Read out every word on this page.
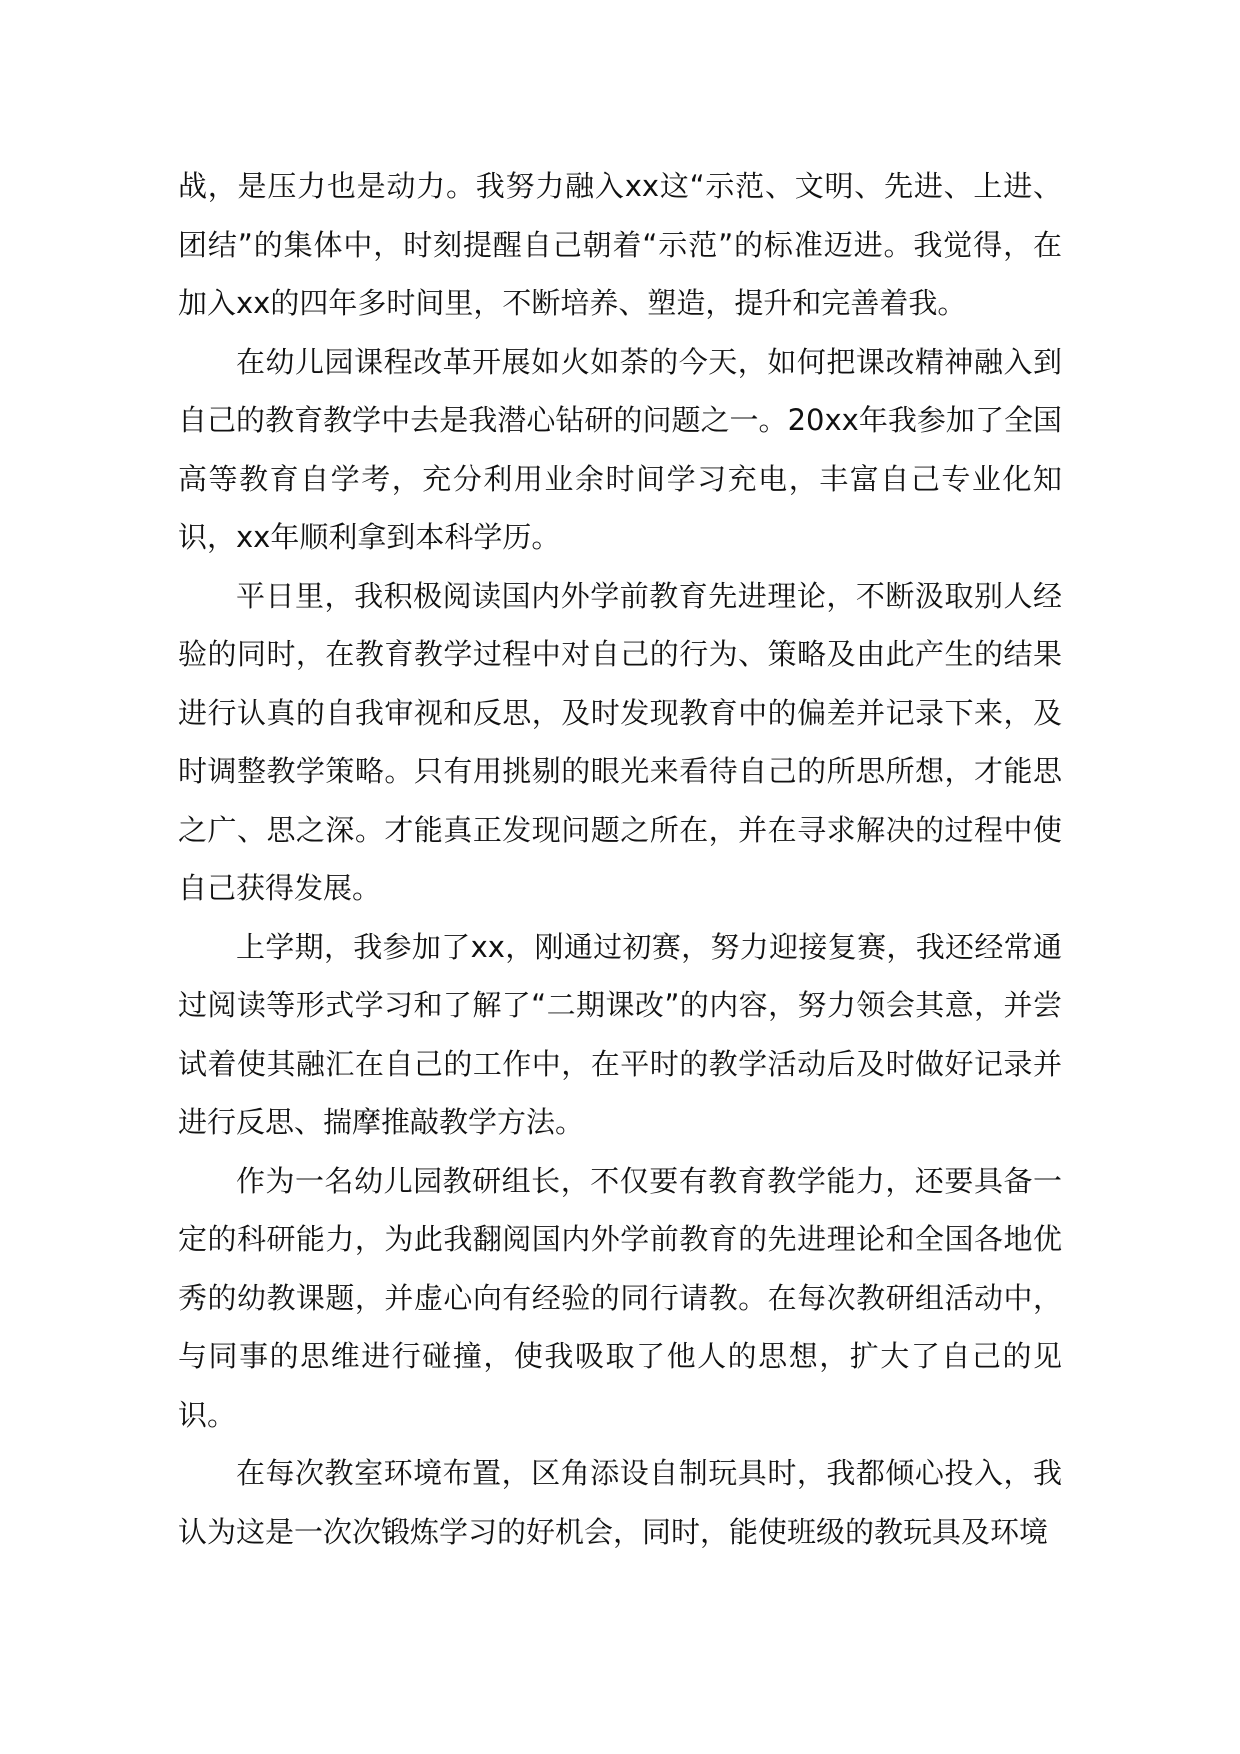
战，是压力也是动力。我努力融入xx这“示范、文明、先进、上进、团结”的集体中，时刻提醒自己朝着“示范”的标准迈进。我觉得，在加入xx的四年多时间里，不断培养、塑造，提升和完善着我。

在幼儿园课程改革开展如火如荼的今天，如何把课改精神融入到自己的教育教学中去是我潜心钻研的问题之一。20xx年我参加了全国高等教育自学考，充分利用业余时间学习充电，丰富自己专业化知识，xx年顺利拿到本科学历。

平日里，我积极阅读国内外学前教育先进理论，不断汲取别人经验的同时，在教育教学过程中对自己的行为、策略及由此产生的结果进行认真的自我审视和反思，及时发现教育中的偏差并记录下来，及时调整教学策略。只有用挑剔的眼光来看待自己的所思所想，才能思之广、思之深。才能真正发现问题之所在，并在寻求解决的过程中使自己获得发展。

上学期，我参加了xx，刚通过初赛，努力迎接复赛，我还经常通过阅读等形式学习和了解了“二期课改”的内容，努力领会其意，并尝试着使其融汇在自己的工作中，在平时的教学活动后及时做好记录并进行反思、揣摩推敲教学方法。

作为一名幼儿园教研组长，不仅要有教育教学能力，还要具备一定的科研能力，为此我翻阅国内外学前教育的先进理论和全国各地优秀的幼教课题，并虚心向有经验的同行请教。在每次教研组活动中，与同事的思维进行碰撞，使我吸取了他人的思想，扩大了自己的见识。

在每次教室环境布置，区角添设自制玩具时，我都倾心投入，我认为这是一次次锻炼学习的好机会，同时，能使班级的教玩具及环境
